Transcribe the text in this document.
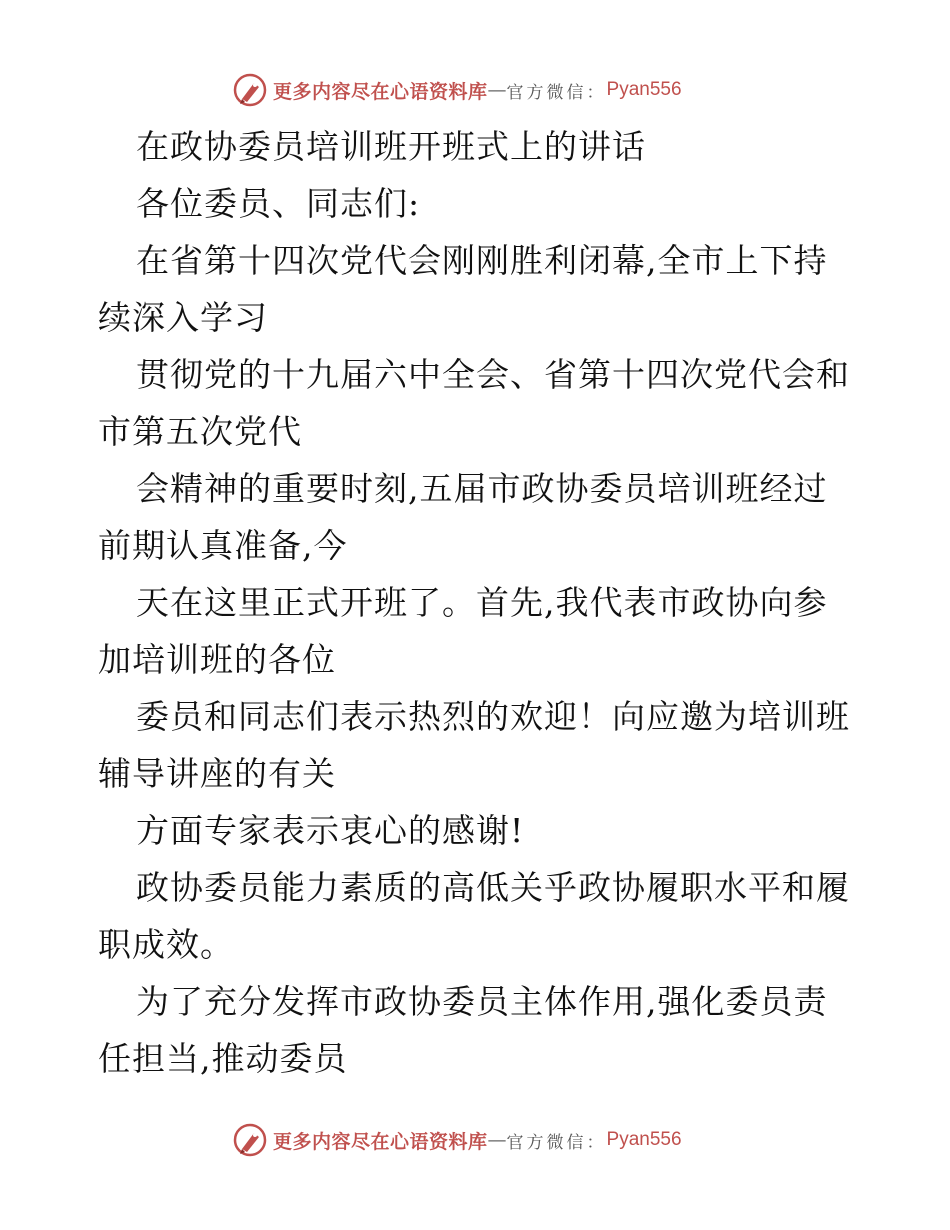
更多内容尽在心语资料库 — 官方微信： Pyan556
在政协委员培训班开班式上的讲话
各位委员、同志们:
在省第十四次党代会刚刚胜利闭幕,全市上下持
续深入学习
贯彻党的十九届六中全会、省第十四次党代会和
市第五次党代
会精神的重要时刻,五届市政协委员培训班经过
前期认真准备,今
天在这里正式开班了。首先,我代表市政协向参
加培训班的各位
委员和同志们表示热烈的欢迎！向应邀为培训班
辅导讲座的有关
方面专家表示衷心的感谢!
政协委员能力素质的高低关乎政协履职水平和履
职成效。
为了充分发挥市政协委员主体作用,强化委员责
任担当,推动委员
更多内容尽在心语资料库 — 官方微信： Pyan556
